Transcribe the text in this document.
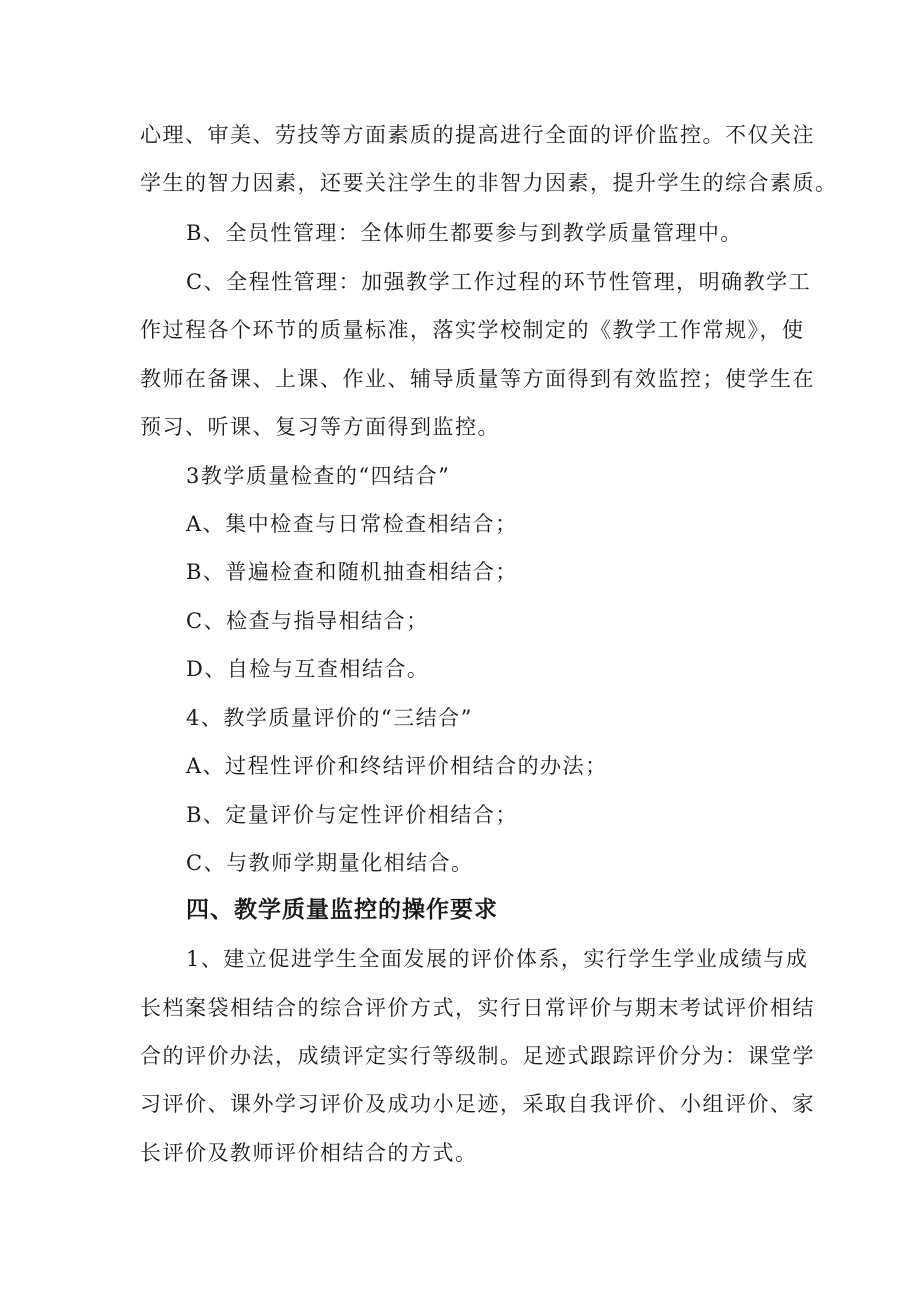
心理、审美、劳技等方面素质的提高进行全面的评价监控。不仅关注
学生的智力因素，还要关注学生的非智力因素，提升学生的综合素质。
B、全员性管理：全体师生都要参与到教学质量管理中。
C、全程性管理：加强教学工作过程的环节性管理，明确教学工
作过程各个环节的质量标准，落实学校制定的《教学工作常规》，使
教师在备课、上课、作业、辅导质量等方面得到有效监控；使学生在
预习、听课、复习等方面得到监控。
3教学质量检查的“四结合”
A、集中检查与日常检查相结合；
B、普遍检查和随机抽查相结合；
C、检查与指导相结合；
D、自检与互查相结合。
4、教学质量评价的“三结合”
A、过程性评价和终结评价相结合的办法；
B、定量评价与定性评价相结合；
C、与教师学期量化相结合。
四、教学质量监控的操作要求
1、建立促进学生全面发展的评价体系，实行学生学业成绩与成
长档案袋相结合的综合评价方式，实行日常评价与期末考试评价相结
合的评价办法，成绩评定实行等级制。足迹式跟踪评价分为：课堂学
习评价、课外学习评价及成功小足迹，采取自我评价、小组评价、家
长评价及教师评价相结合的方式。
